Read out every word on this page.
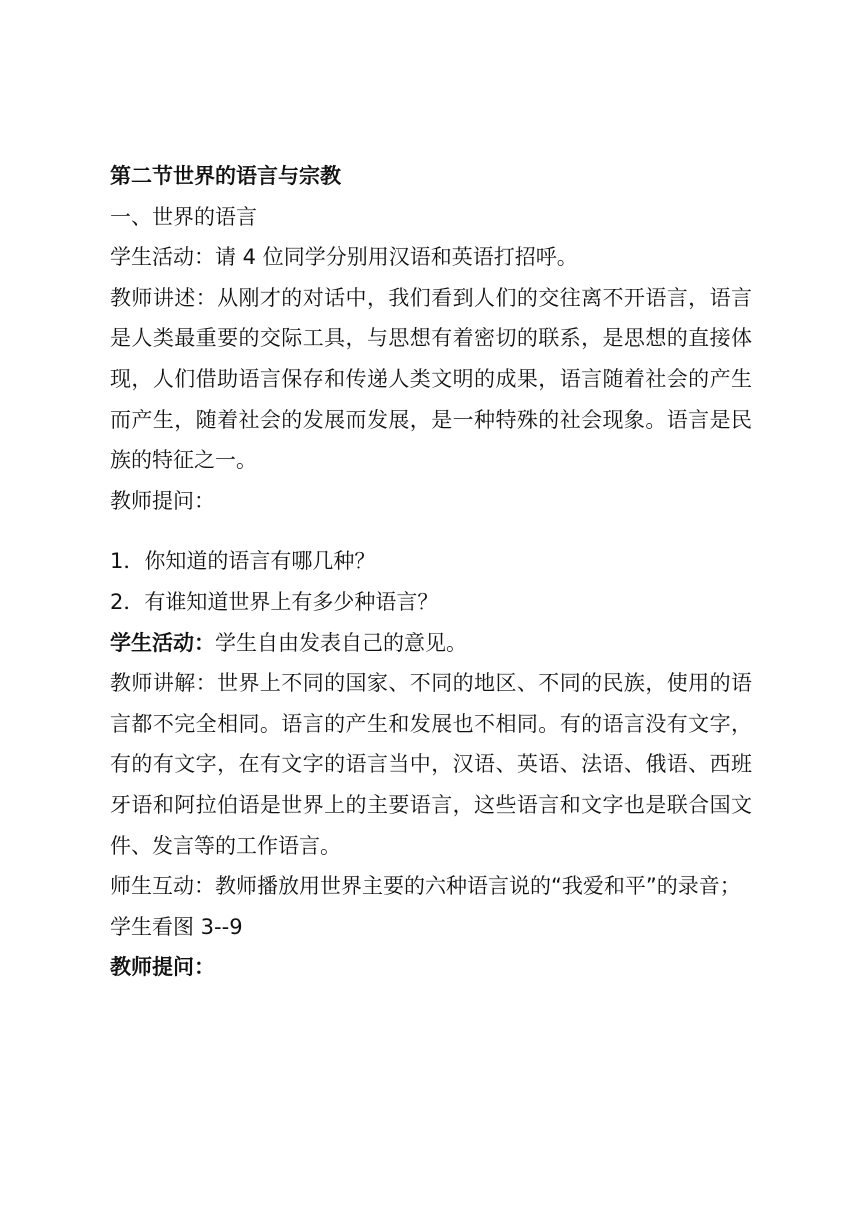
第二节世界的语言与宗教
一、世界的语言
学生活动：请 4 位同学分别用汉语和英语打招呼。
教师讲述：从刚才的对话中，我们看到人们的交往离不开语言，语言是人类最重要的交际工具，与思想有着密切的联系，是思想的直接体现，人们借助语言保存和传递人类文明的成果，语言随着社会的产生而产生，随着社会的发展而发展，是一种特殊的社会现象。语言是民族的特征之一。
教师提问：
1．你知道的语言有哪几种？
2．有谁知道世界上有多少种语言？
学生活动：学生自由发表自己的意见。
教师讲解：世界上不同的国家、不同的地区、不同的民族，使用的语言都不完全相同。语言的产生和发展也不相同。有的语言没有文字，有的有文字，在有文字的语言当中，汉语、英语、法语、俄语、西班牙语和阿拉伯语是世界上的主要语言，这些语言和文字也是联合国文件、发言等的工作语言。
师生互动：教师播放用世界主要的六种语言说的“我爱和平”的录音；
学生看图 3--9
教师提问：
